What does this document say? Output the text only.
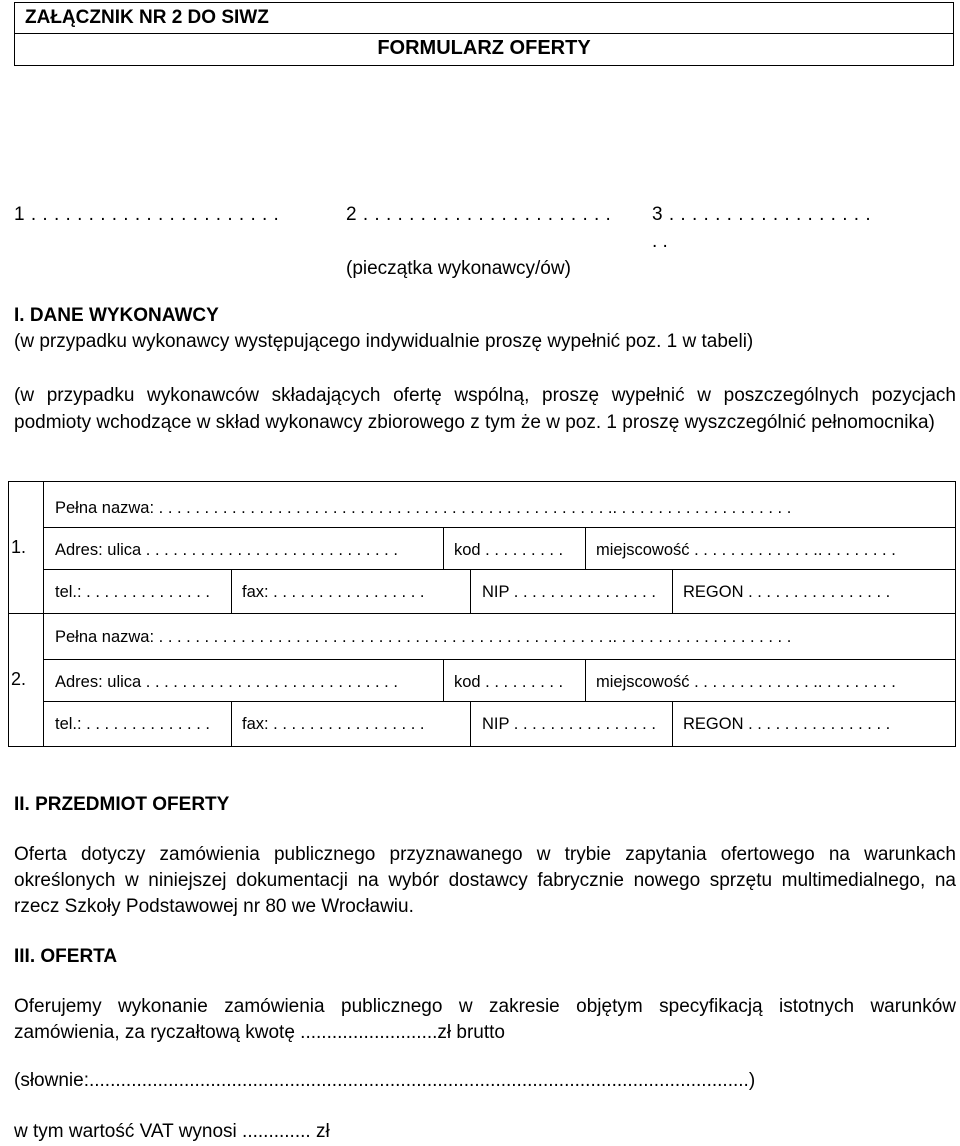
ZAŁĄCZNIK NR 2 DO SIWZ
FORMULARZ OFERTY
1 . . . . . . . . . . . . . . . . . . . . . .	2 . . . . . . . . . . . . . . . . . . . . . . 3 . . . . . . . . . . . . . . . . . .
. .
(pieczątka wykonawcy/ów)
I. DANE WYKONAWCY
(w przypadku wykonawcy występującego indywidualnie proszę wypełnić poz. 1 w tabeli)
(w przypadku wykonawców składających ofertę wspólną, proszę wypełnić w poszczególnych pozycjach podmioty wchodzące w skład wykonawcy zbiorowego z tym że w poz. 1 proszę wyszczególnić pełnomocnika)
1.
Pełna nazwa: . . . . . . . . . . . . . . . . . . . . . . . . . . . . . . . . . . . . . . . . . . . . . . . . . .. . . . . . . . . . . . . . . . . . . .
Adres: ulica . . . . . . . . . . . . . . . . . . . . . . . . . . . .	kod . . . . . . . . . miejscowość . . . . . . . . . . . . . .. . . . . . . . .
tel.: . . . . . . . . . . . . . . fax: . . . . . . . . . . . . . . . . .	NIP . . . . . . . . . . . . . . . . REGON . . . . . . . . . . . . . . . .
2.
Pełna nazwa: . . . . . . . . . . . . . . . . . . . . . . . . . . . . . . . . . . . . . . . . . . . . . . . . . .. . . . . . . . . . . . . . . . . . . .
Adres: ulica . . . . . . . . . . . . . . . . . . . . . . . . . . . .	kod . . . . . . . . . miejscowość . . . . . . . . . . . . . .. . . . . . . . .
tel.: . . . . . . . . . . . . . . fax: . . . . . . . . . . . . . . . . .	NIP . . . . . . . . . . . . . . . . REGON . . . . . . . . . . . . . . . .
II. PRZEDMIOT OFERTY
Oferta dotyczy zamówienia publicznego przyznawanego w trybie zapytania ofertowego na warunkach określonych w niniejszej dokumentacji na wybór dostawcy fabrycznie nowego sprzętu multimedialnego, na rzecz Szkoły Podstawowej nr 80 we Wrocławiu.
III. OFERTA
Oferujemy wykonanie zamówienia publicznego w zakresie objętym specyfikacją istotnych warunków zamówienia, za ryczałtową kwotę ..........................zł brutto
(słownie:.............................................................................................................................)
w tym wartość VAT wynosi ............. zł
